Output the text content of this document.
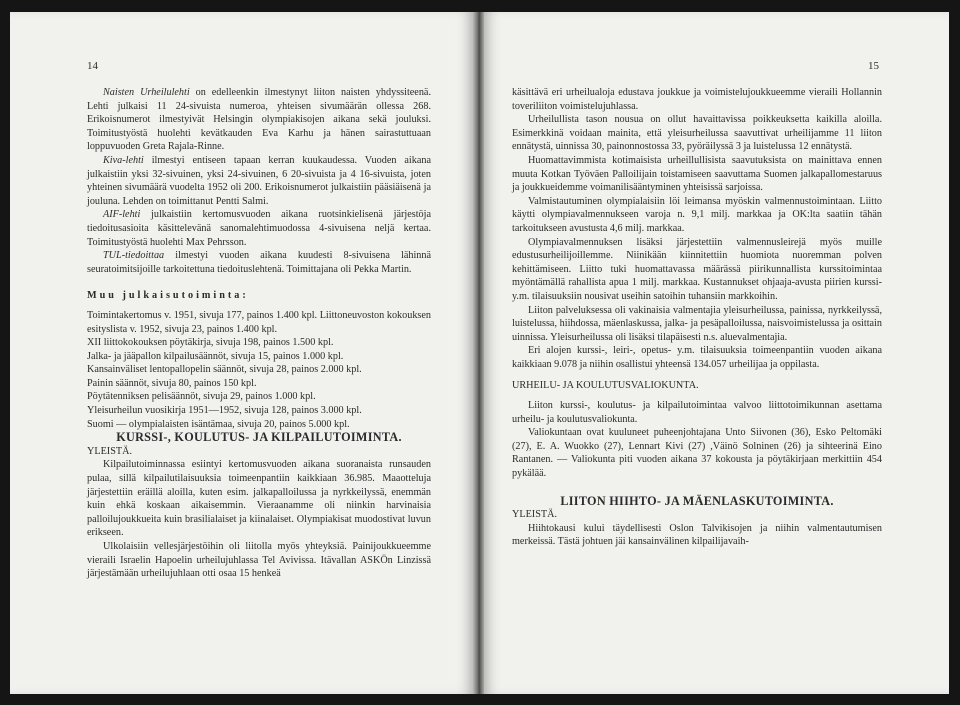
14

Naisten Urheilulehti on edelleenkin ilmestynyt liiton naisten yhdyssiteenä. Lehti julkaisi 11 24-sivuista numeroa, yhteisen sivumäärän ollessa 268. Erikoisnumerot ilmestyivät Helsingin olympiakisojen aikana sekä jouluksi. Toimitustyöstä huolehti kevätkauden Eva Karhu ja hänen sairastuttuaan loppuvuoden Greta Rajala-Rinne.

Kiva-lehti ilmestyi entiseen tapaan kerran kuukaudessa. Vuoden aikana julkaistiin yksi 32-sivuinen, yksi 24-sivuinen, 6 20-sivuista ja 4 16-sivuista, joten yhteinen sivumäärä vuodelta 1952 oli 200. Erikoisnumerot julkaistiin pääsiäisenä ja jouluna. Lehden on toimittanut Pentti Salmi.

AIF-lehti julkaistiin kertomusvuoden aikana ruotsinkielisenä järjestöja tiedoitusasioita käsittelevänä sanomalehtimuodossa 4-sivuisena neljä kertaa. Toimitustyöstä huolehti Max Pehrsson.

TUL-tiedoittaa ilmestyi vuoden aikana kuudesti 8-sivuisena lähinnä seuratoimitsijoille tarkoitettuna tiedoituslehtenä. Toimittajana oli Pekka Martin.

Muu julkaisutoiminta:

Toimintakertomus v. 1951, sivuja 177, painos 1.400 kpl. Liittoneuvoston kokouksen esityslista v. 1952, sivuja 23, painos 1.400 kpl.

XII liittokokouksen pöytäkirja, sivuja 198, painos 1.500 kpl.

Jalka- ja jääpallon kilpailusäännöt, sivuja 15, painos 1.000 kpl.

Kansainväliset lentopallopelin säännöt, sivuja 28, painos 2.000 kpl.

Painin säännöt, sivuja 80, painos 150 kpl.

Pöytätenniksen pelisäännöt, sivuja 29, painos 1.000 kpl.

Yleisurheilun vuosikirja 1951—1952, sivuja 128, painos 3.000 kpl.

Suomi — olympialaisten isäntämaa, sivuja 20, painos 5.000 kpl.

KURSSI-, KOULUTUS- JA KILPAILUTOIMINTA.

YLEISTÄ.

Kilpailutoiminnassa esiintyi kertomusvuoden aikana suoranaista runsauden pulaa, sillä kilpailutilaisuuksia toimeenpantiin kaikkiaan 36.985. Maaotteluja järjestettiin eräillä aloilla, kuten esim. jalkapalloilussa ja nyrkkeilyssä, enemmän kuin ehkä koskaan aikaisemmin. Vieraanamme oli niinkin harvinaisia palloilujoukkueita kuin brasilialaiset ja kiinalaiset. Olympiakisat muodostivat luvun erikseen.

Ulkolaisiin vellesjärjestöihin oli liitolla myös yhteyksiä. Painijoukkueemme vieraili Israelin Hapoelin urheilujuhlassa Tel Avivissa. Itävallan ASKÖn Linzissä järjestämään urheilujuhlaan otti osaa 15 henkeä

15

käsittävä eri urheilualoja edustava joukkue ja voimistelujoukkueemme vieraili Hollannin toveriliiton voimistelujuhlassa.

Urheilullista tason nousua on ollut havaittavissa poikkeuksetta kaikilla aloilla. Esimerkkinä voidaan mainita, että yleisurheilussa saavuttivat urheilijamme 11 liiton ennätystä, uinnissa 30, painonnostossa 33, pyöräilyssä 3 ja luistelussa 12 ennätystä.

Huomattavimmista kotimaisista urheillullisista saavutuksista on mainittava ennen muuta Kotkan Työväen Palloilijain toistamiseen saavuttama Suomen jalkapallomestaruus ja joukkueidemme voimanilisääntyminen yhteisissä sarjoissa.

Valmistautuminen olympialaisiin löi leimansa myöskin valmennustoimintaan. Liitto käytti olympiavalmennukseen varoja n. 9,1 milj. markkaa ja OK:lta saatiin tähän tarkoitukseen avustusta 4,6 milj. markkaa.

Olympiavalmennuksen lisäksi järjestettiin valmennusleirejä myös muille edustusurheilijoillemme. Niinikään kiinnitettiin huomiota nuoremman polven kehittämiseen. Liitto tuki huomattavassa määrässä piirikunnallista kurssitoimintaa myöntämällä rahallista apua 1 milj. markkaa. Kustannukset ohjaaja-avusta piirien kurssi- y.m. tilaisuuksiin nousivat useihin satoihin tuhansiin markkoihin.

Liiton palveluksessa oli vakinaisia valmentajia yleisurheilussa, painissa, nyrkkeilyssä, luistelussa, hiihdossa, mäenlaskussa, jalka- ja pesäpalloilussa, naisvoimistelussa ja osittain uinnissa. Yleisurheilussa oli lisäksi tilapäisesti n.s. aluevalmentajia.

Eri alojen kurssi-, leiri-, opetus- y.m. tilaisuuksia toimeenpantiin vuoden aikana kaikkiaan 9.078 ja niihin osallistui yhteensä 134.057 urheilijaa ja oppilasta.

URHEILU- JA KOULUTUSVALIOKUNTA.

Liiton kurssi-, koulutus- ja kilpailutoimintaa valvoo liittotoimikunnan asettama urheilu- ja koulutusvaliokunta.

Valiokuntaan ovat kuuluneet puheenjohtajana Unto Siivonen (36), Esko Peltomäki (27), E. A. Wuokko (27), Lennart Kivi (27) ,Väinö Solninen (26) ja sihteerinä Eino Rantanen. — Valiokunta piti vuoden aikana 37 kokousta ja pöytäkirjaan merkittiin 454 pykälää.

LIITON HIIHTO- JA MÄENLASKUTOIMINTA.

YLEISTÄ.

Hiihtokausi kului täydellisesti Oslon Talvikisojen ja niihin valmentautumisen merkeissä. Tästä johtuen jäi kansainvälinen kilpailijavaih-
